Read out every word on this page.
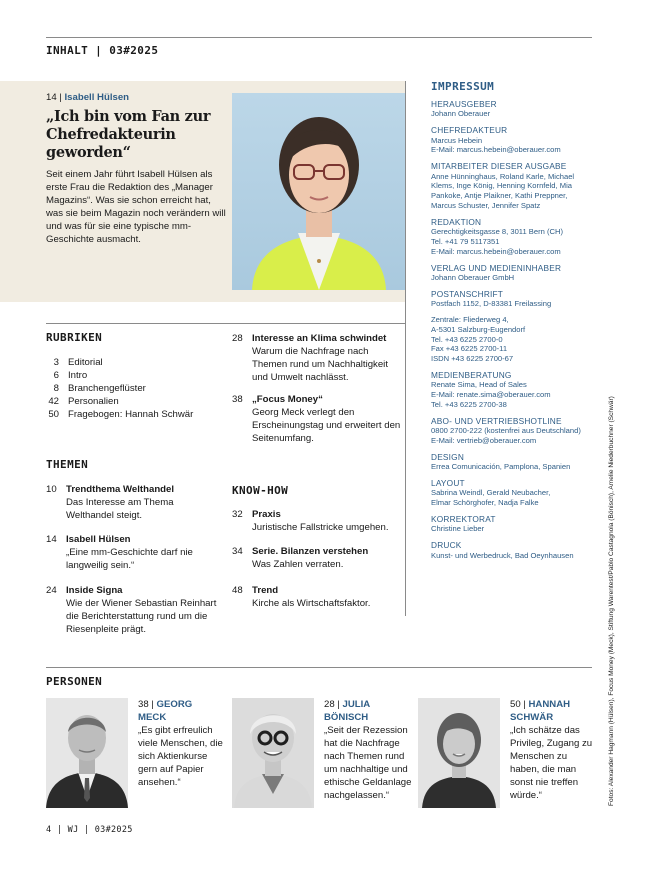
INHALT | 03#2025
14 | Isabell Hülsen
„Ich bin vom Fan zur Chefredakteurin geworden“
Seit einem Jahr führt Isabell Hülsen als erste Frau die Redaktion des „Manager Magazins“. Was sie schon erreicht hat, was sie beim Magazin noch verändern will und was für sie eine typische mm-Geschichte ausmacht.
IMPRESSUM
HERAUSGEBER
Johann Oberauer
CHEFREDAKTEUR
Marcus Hebein
E-Mail: marcus.hebein@oberauer.com
MITARBEITER DIESER AUSGABE
Anne Hünninghaus, Roland Karle, Michael
Klems, Inge König, Henning Kornfeld, Mia
Pankoke, Antje Plaikner, Kathi Preppner,
Marcus Schuster, Jennifer Spatz
REDAKTION
Gerechtigkeitsgasse 8, 3011 Bern (CH)
Tel. +41 79 5117351
E-Mail: marcus.hebein@oberauer.com
VERLAG UND MEDIENINHABER
Johann Oberauer GmbH
POSTANSCHRIFT
Postfach 1152, D-83381 Freilassing
Zentrale: Fliederweg 4,
A-5301 Salzburg-Eugendorf
Tel. +43 6225 2700-0
Fax +43 6225 2700-11
ISDN +43 6225 2700-67
MEDIENBERATUNG
Renate Sima, Head of Sales
E-Mail: renate.sima@oberauer.com
Tel. +43 6225 2700-38
ABO- UND VERTRIEBSHOTLINE
0800 2700-222 (kostenfrei aus Deutschland)
E-Mail: vertrieb@oberauer.com
DESIGN
Errea Comunicación, Pamplona, Spanien
LAYOUT
Sabrina Weindl, Gerald Neubacher,
Elmar Schörghofer, Nadja Falke
KORREKTORAT
Christine Lieber
DRUCK
Kunst- und Werbedruck, Bad Oeynhausen	Fotos: Alexander Hagmann (Hülsen), Focus Money (Meck), Stiftung Warentest/Pablo Castagnola (Bönisch), Amelie Niederbuchner (Schwär)
RUBRIKEN
3 Editorial
6 Intro
8 Branchengeflüster
42 Personalien
50 Fragebogen: Hannah Schwär
28 Interesse an Klima schwindet
Warum die Nachfrage nach Themen rund um Nachhaltigkeit und Umwelt nachlässt.
38 „Focus Money“
Georg Meck verlegt den Erscheinungstag und erweitert den Seitenumfang.
THEMEN
10 Trendthema Welthandel
Das Interesse am Thema Welthandel steigt.
14 Isabell Hülsen
„Eine mm-Geschichte darf nie langweilig sein.“
24 Inside Signa
Wie der Wiener Sebastian Reinhart die Berichterstattung rund um die Riesenpleite prägt.
KNOW-HOW
32 Praxis
Juristische Fallstricke umgehen.
34 Serie. Bilanzen verstehen
Was Zahlen verraten.
48 Trend
Kirche als Wirtschaftsfaktor.
PERSONEN
38 | GEORG
MECK
„Es gibt erfreulich viele Menschen, die sich Aktienkurse gern auf Papier ansehen.“
28 | JULIA
BÖNISCH
„Seit der Rezession hat die Nachfrage nach Themen rund um nachhaltige und ethische Geldanlage nachgelassen.“
50 | HANNAH
SCHWÄR
„Ich schätze das Privileg, Zugang zu Menschen zu haben, die man sonst nie treffen würde.“
4 | WJ | 03#2025
